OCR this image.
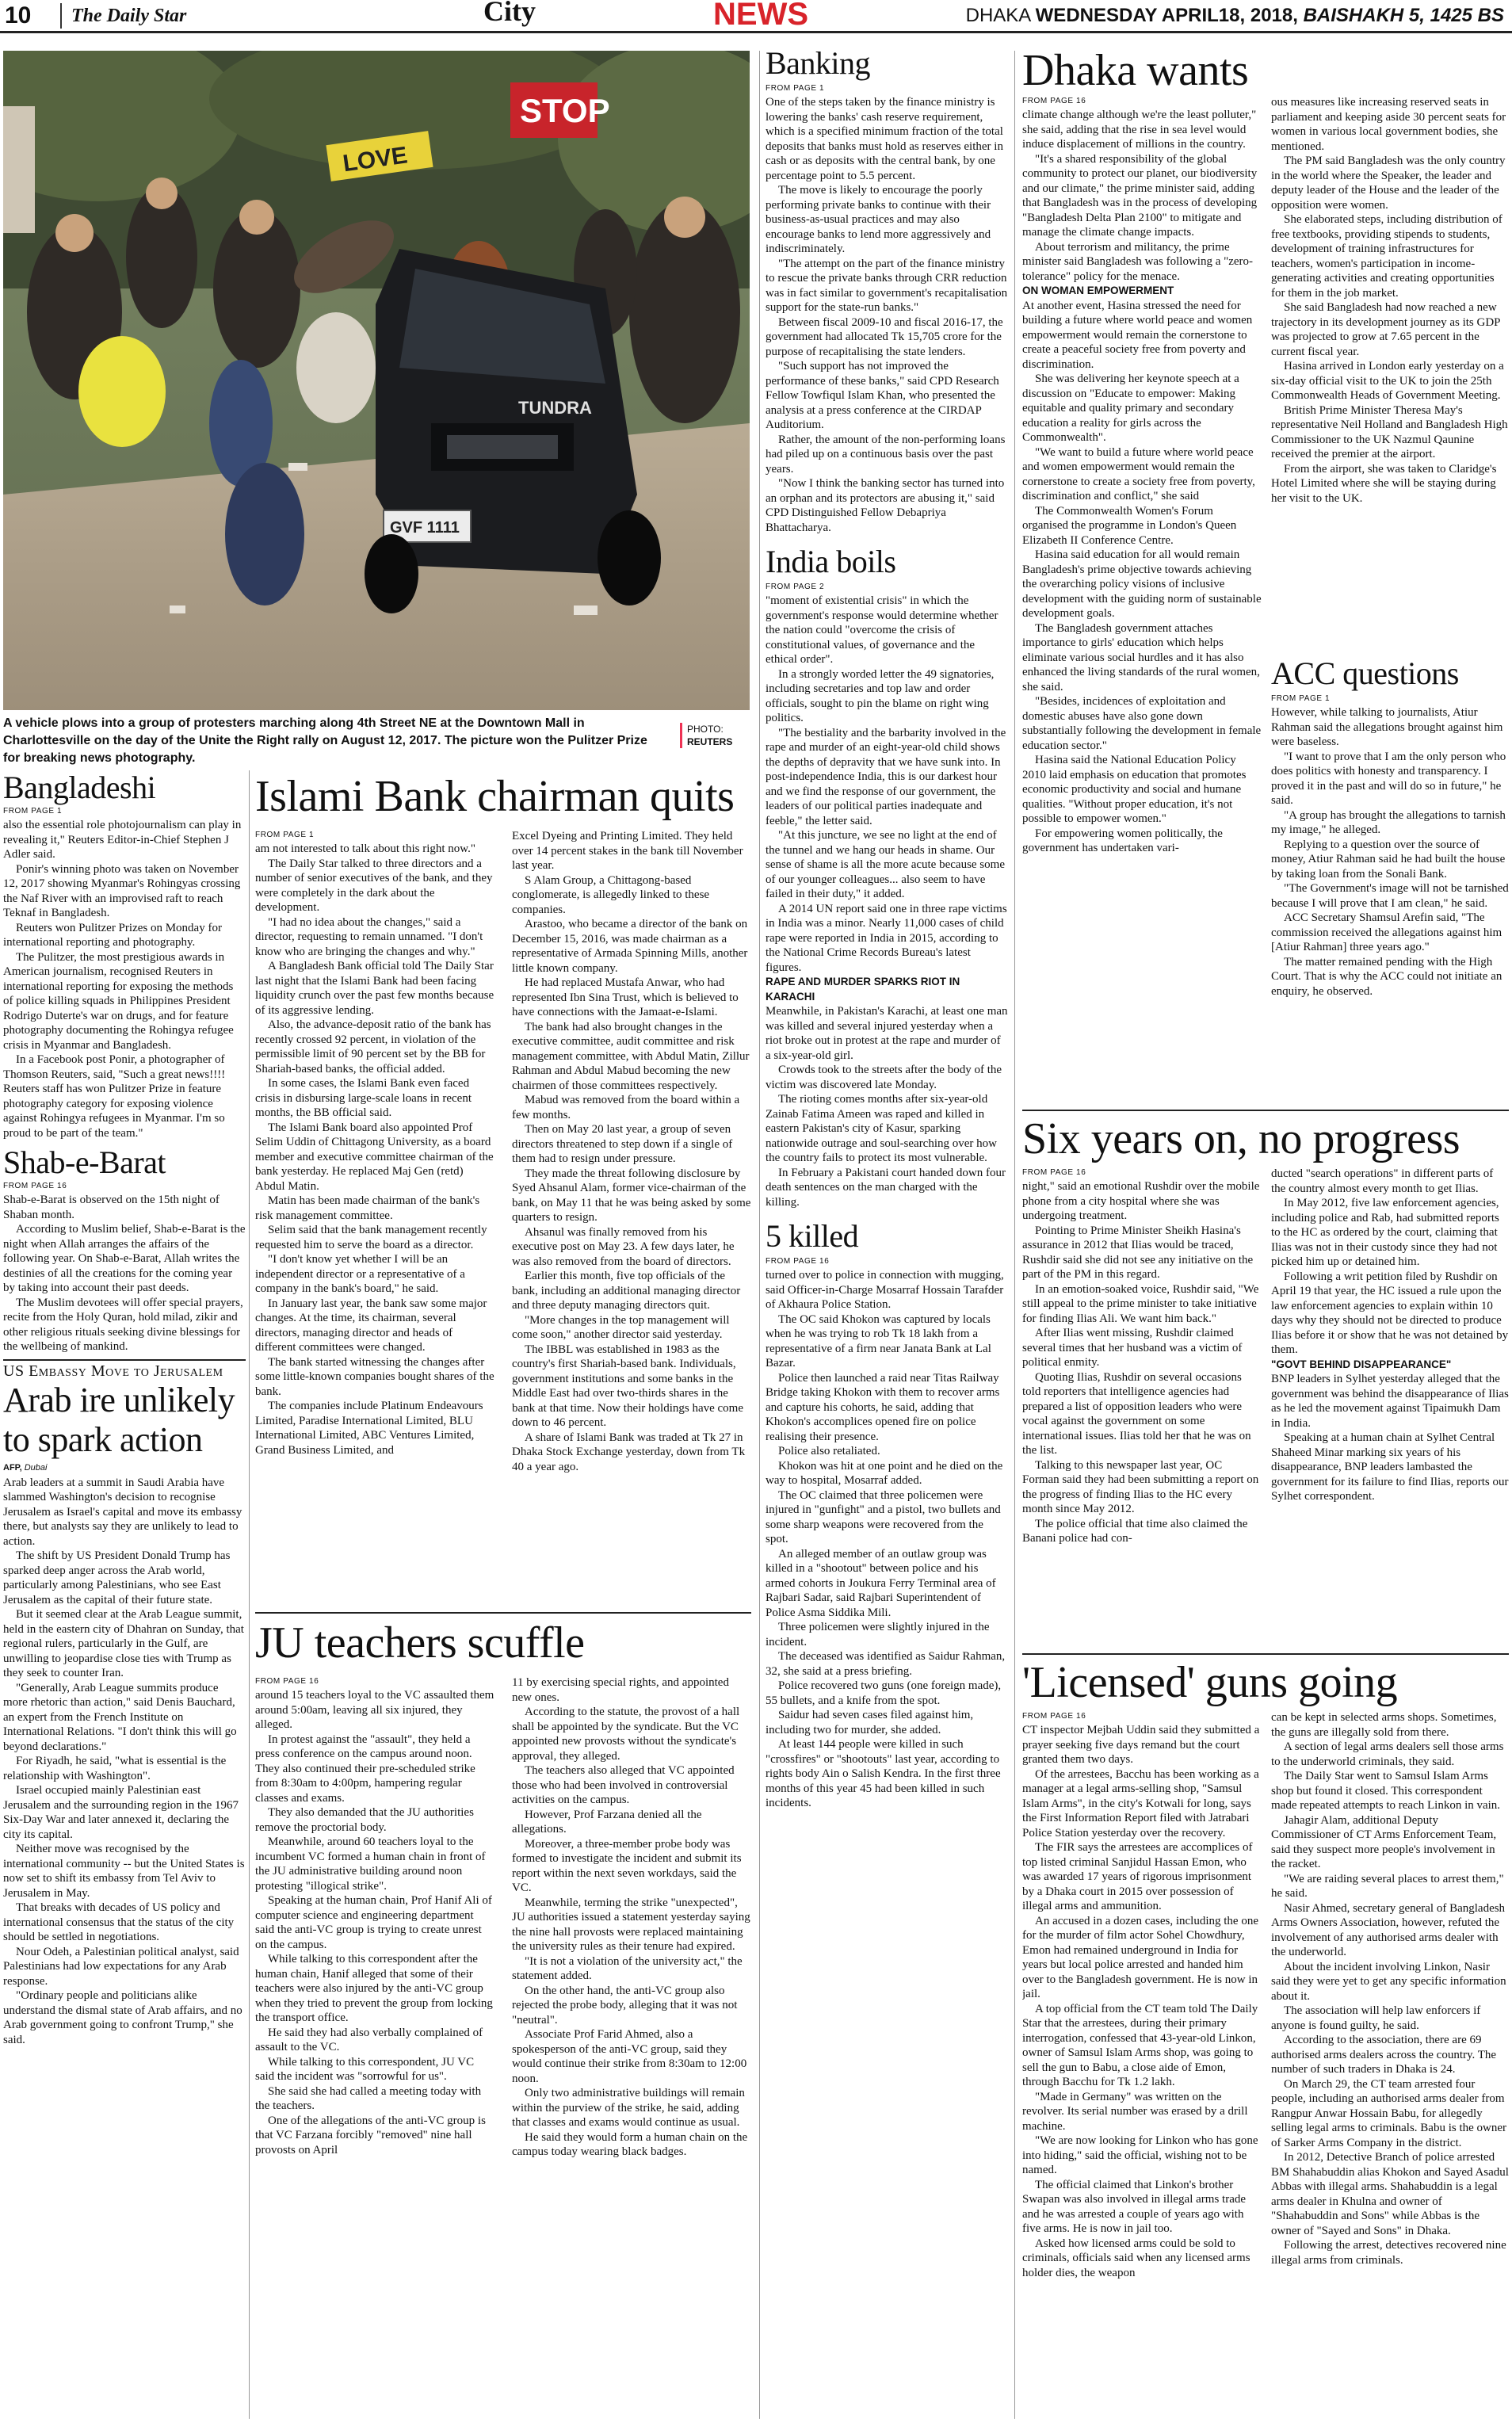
10	The Daily Star	City	NEWS	DHAKA WEDNESDAY APRIL18, 2018, BAISHAKH 5, 1425 BS
STOP
LOVE
GVF 1111
TUNDRA
A vehicle plows into a group of protesters marching along 4th Street NE at the Downtown Mall in Charlottesville on the day of the Unite the Right rally on August 12, 2017. The picture won the Pulitzer Prize for breaking news photography.
PHOTO:
REUTERS
Bangladeshi
FROM PAGE 1

also the essential role photojournalism can play in revealing it," Reuters Editor-in-Chief Stephen J Adler said.

Ponir's winning photo was taken on November 12, 2017 showing Myanmar's Rohingyas crossing the Naf River with an improvised raft to reach Teknaf in Bangladesh.

Reuters won Pulitzer Prizes on Monday for international reporting and photography.

The Pulitzer, the most prestigious awards in American journalism, recognised Reuters in international reporting for exposing the methods of police killing squads in Philippines President Rodrigo Duterte's war on drugs, and for feature photography documenting the Rohingya refugee crisis in Myanmar and Bangladesh.

In a Facebook post Ponir, a photographer of Thomson Reuters, said, "Such a great news!!!! Reuters staff has won Pulitzer Prize in feature photography category for exposing violence against Rohingya refugees in Myanmar. I'm so proud to be part of the team."

Shab-e-Barat
FROM PAGE 16

Shab-e-Barat is observed on the 15th night of Shaban month.

According to Muslim belief, Shab-e-Barat is the night when Allah arranges the affairs of the following year. On Shab-e-Barat, Allah writes the destinies of all the creations for the coming year by taking into account their past deeds.

The Muslim devotees will offer special prayers, recite from the Holy Quran, hold milad, zikir and other religious rituals seeking divine blessings for the wellbeing of mankind.

US Embassy Move to Jerusalem
Arab ire unlikely to spark action
AFP, Dubai

Arab leaders at a summit in Saudi Arabia have slammed Washington's decision to recognise Jerusalem as Israel's capital and move its embassy there, but analysts say they are unlikely to lead to action.

The shift by US President Donald Trump has sparked deep anger across the Arab world, particularly among Palestinians, who see East Jerusalem as the capital of their future state.

But it seemed clear at the Arab League summit, held in the eastern city of Dhahran on Sunday, that regional rulers, particularly in the Gulf, are unwilling to jeopardise close ties with Trump as they seek to counter Iran.

"Generally, Arab League summits produce more rhetoric than action," said Denis Bauchard, an expert from the French Institute on International Relations. "I don't think this will go beyond declarations."

For Riyadh, he said, "what is essential is the relationship with Washington".

Israel occupied mainly Palestinian east Jerusalem and the surrounding region in the 1967 Six-Day War and later annexed it, declaring the city its capital.

Neither move was recognised by the international community -- but the United States is now set to shift its embassy from Tel Aviv to Jerusalem in May.

That breaks with decades of US policy and international consensus that the status of the city should be settled in negotiations.

Nour Odeh, a Palestinian political analyst, said Palestinians had low expectations for any Arab response.

"Ordinary people and politicians alike understand the dismal state of Arab affairs, and no Arab government going to confront Trump," she said.

Islami Bank chairman quits
FROM PAGE 1

am not interested to talk about this right now."

The Daily Star talked to three directors and a number of senior executives of the bank, and they were completely in the dark about the development.

"I had no idea about the changes," said a director, requesting to remain unnamed. "I don't know who are bringing the changes and why."

A Bangladesh Bank official told The Daily Star last night that the Islami Bank had been facing liquidity crunch over the past few months because of its aggressive lending.

Also, the advance-deposit ratio of the bank has recently crossed 92 percent, in violation of the permissible limit of 90 percent set by the BB for Shariah-based banks, the official added.

In some cases, the Islami Bank even faced crisis in disbursing large-scale loans in recent months, the BB official said.

The Islami Bank board also appointed Prof Selim Uddin of Chittagong University, as a board member and executive committee chairman of the bank yesterday. He replaced Maj Gen (retd) Abdul Matin.

Matin has been made chairman of the bank's risk management committee.

Selim said that the bank management recently requested him to serve the board as a director.

"I don't know yet whether I will be an independent director or a representative of a company in the bank's board," he said.

In January last year, the bank saw some major changes. At the time, its chairman, several directors, managing director and heads of different committees were changed.

The bank started witnessing the changes after some little-known companies bought shares of the bank.

The companies include Platinum Endeavours Limited, Paradise International Limited, BLU International Limited, ABC Ventures Limited, Grand Business Limited, and

Excel Dyeing and Printing Limited. They held over 14 percent stakes in the bank till November last year.

S Alam Group, a Chittagong-based conglomerate, is allegedly linked to these companies.

Arastoo, who became a director of the bank on December 15, 2016, was made chairman as a representative of Armada Spinning Mills, another little known company.

He had replaced Mustafa Anwar, who had represented Ibn Sina Trust, which is believed to have connections with the Jamaat-e-Islami.

The bank had also brought changes in the executive committee, audit committee and risk management committee, with Abdul Matin, Zillur Rahman and Abdul Mabud becoming the new chairmen of those committees respectively.

Mabud was removed from the board within a few months.

Then on May 20 last year, a group of seven directors threatened to step down if a single of them had to resign under pressure.

They made the threat following disclosure by Syed Ahsanul Alam, former vice-chairman of the bank, on May 11 that he was being asked by some quarters to resign.

Ahsanul was finally removed from his executive post on May 23. A few days later, he was also removed from the board of directors.

Earlier this month, five top officials of the bank, including an additional managing director and three deputy managing directors quit.

"More changes in the top management will come soon," another director said yesterday.

The IBBL was established in 1983 as the country's first Shariah-based bank. Individuals, government institutions and some banks in the Middle East had over two-thirds shares in the bank at that time. Now their holdings have come down to 46 percent.

A share of Islami Bank was traded at Tk 27 in Dhaka Stock Exchange yesterday, down from Tk 40 a year ago.

JU teachers scuffle
FROM PAGE 16

around 15 teachers loyal to the VC assaulted them around 5:00am, leaving all six injured, they alleged.

In protest against the "assault", they held a press conference on the campus around noon. They also continued their pre-scheduled strike from 8:30am to 4:00pm, hampering regular classes and exams.

They also demanded that the JU authorities remove the proctorial body.

Meanwhile, around 60 teachers loyal to the incumbent VC formed a human chain in front of the JU administrative building around noon protesting "illogical strike".

Speaking at the human chain, Prof Hanif Ali of computer science and engineering department said the anti-VC group is trying to create unrest on the campus.

While talking to this correspondent after the human chain, Hanif alleged that some of their teachers were also injured by the anti-VC group when they tried to prevent the group from locking the transport office.

He said they had also verbally complained of assault to the VC.

While talking to this correspondent, JU VC said the incident was "sorrowful for us".

She said she had called a meeting today with the teachers.

One of the allegations of the anti-VC group is that VC Farzana forcibly "removed" nine hall provosts on April

11 by exercising special rights, and appointed new ones.

According to the statute, the provost of a hall shall be appointed by the syndicate. But the VC appointed new provosts without the syndicate's approval, they alleged.

The teachers also alleged that VC appointed those who had been involved in controversial activities on the campus.

However, Prof Farzana denied all the allegations.

Moreover, a three-member probe body was formed to investigate the incident and submit its report within the next seven workdays, said the VC.

Meanwhile, terming the strike "unexpected", JU authorities issued a statement yesterday saying the nine hall provosts were replaced maintaining the university rules as their tenure had expired.

"It is not a violation of the university act," the statement added.

On the other hand, the anti-VC group also rejected the probe body, alleging that it was not "neutral".

Associate Prof Farid Ahmed, also a spokesperson of the anti-VC group, said they would continue their strike from 8:30am to 12:00 noon.

Only two administrative buildings will remain within the purview of the strike, he said, adding that classes and exams would continue as usual.

He said they would form a human chain on the campus today wearing black badges.

Banking
FROM PAGE 1

One of the steps taken by the finance ministry is lowering the banks' cash reserve requirement, which is a specified minimum fraction of the total deposits that banks must hold as reserves either in cash or as deposits with the central bank, by one percentage point to 5.5 percent.

The move is likely to encourage the poorly performing private banks to continue with their business-as-usual practices and may also encourage banks to lend more aggressively and indiscriminately.

"The attempt on the part of the finance ministry to rescue the private banks through CRR reduction was in fact similar to government's recapitalisation support for the state-run banks."

Between fiscal 2009-10 and fiscal 2016-17, the government had allocated Tk 15,705 crore for the purpose of recapitalising the state lenders.

"Such support has not improved the performance of these banks," said CPD Research Fellow Towfiqul Islam Khan, who presented the analysis at a press conference at the CIRDAP Auditorium.

Rather, the amount of the non-performing loans had piled up on a continuous basis over the past years.

"Now I think the banking sector has turned into an orphan and its protectors are abusing it," said CPD Distinguished Fellow Debapriya Bhattacharya.

India boils
FROM PAGE 2

"moment of existential crisis" in which the government's response would determine whether the nation could "overcome the crisis of constitutional values, of governance and the ethical order".

In a strongly worded letter the 49 signatories, including secretaries and top law and order officials, sought to pin the blame on right wing politics.

"The bestiality and the barbarity involved in the rape and murder of an eight-year-old child shows the depths of depravity that we have sunk into. In post-independence India, this is our darkest hour and we find the response of our government, the leaders of our political parties inadequate and feeble," the letter said.

"At this juncture, we see no light at the end of the tunnel and we hang our heads in shame. Our sense of shame is all the more acute because some of our younger colleagues... also seem to have failed in their duty," it added.

A 2014 UN report said one in three rape victims in India was a minor. Nearly 11,000 cases of child rape were reported in India in 2015, according to the National Crime Records Bureau's latest figures.

RAPE AND MURDER SPARKS RIOT IN KARACHI

Meanwhile, in Pakistan's Karachi, at least one man was killed and several injured yesterday when a riot broke out in protest at the rape and murder of a six-year-old girl.

Crowds took to the streets after the body of the victim was discovered late Monday.

The rioting comes months after six-year-old Zainab Fatima Ameen was raped and killed in eastern Pakistan's city of Kasur, sparking nationwide outrage and soul-searching over how the country fails to protect its most vulnerable.

In February a Pakistani court handed down four death sentences on the man charged with the killing.

5 killed
FROM PAGE 16

turned over to police in connection with mugging, said Officer-in-Charge Mosarraf Hossain Tarafder of Akhaura Police Station.

The OC said Khokon was captured by locals when he was trying to rob Tk 18 lakh from a representative of a firm near Janata Bank at Lal Bazar.

Police then launched a raid near Titas Railway Bridge taking Khokon with them to recover arms and capture his cohorts, he said, adding that Khokon's accomplices opened fire on police realising their presence.

Police also retaliated.

Khokon was hit at one point and he died on the way to hospital, Mosarraf added.

The OC claimed that three policemen were injured in "gunfight" and a pistol, two bullets and some sharp weapons were recovered from the spot.

An alleged member of an outlaw group was killed in a "shootout" between police and his armed cohorts in Joukura Ferry Terminal area of Rajbari Sadar, said Rajbari Superintendent of Police Asma Siddika Mili.

Three policemen were slightly injured in the incident.

The deceased was identified as Saidur Rahman, 32, she said at a press briefing.

Police recovered two guns (one foreign made), 55 bullets, and a knife from the spot.

Saidur had seven cases filed against him, including two for murder, she added.

At least 144 people were killed in such "crossfires" or "shootouts" last year, according to rights body Ain o Salish Kendra. In the first three months of this year 45 had been killed in such incidents.

Dhaka wants
FROM PAGE 16

climate change although we're the least polluter," she said, adding that the rise in sea level would induce displacement of millions in the country.

"It's a shared responsibility of the global community to protect our planet, our biodiversity and our climate," the prime minister said, adding that Bangladesh was in the process of developing "Bangladesh Delta Plan 2100" to mitigate and manage the climate change impacts.

About terrorism and militancy, the prime minister said Bangladesh was following a "zero-tolerance" policy for the menace.

ON WOMAN EMPOWERMENT

At another event, Hasina stressed the need for building a future where world peace and women empowerment would remain the cornerstone to create a peaceful society free from poverty and discrimination.

She was delivering her keynote speech at a discussion on "Educate to empower: Making equitable and quality primary and secondary education a reality for girls across the Commonwealth".

"We want to build a future where world peace and women empowerment would remain the cornerstone to create a society free from poverty, discrimination and conflict," she said

The Commonwealth Women's Forum organised the programme in London's Queen Elizabeth II Conference Centre.

Hasina said education for all would remain Bangladesh's prime objective towards achieving the overarching policy visions of inclusive development with the guiding norm of sustainable development goals.

The Bangladesh government attaches importance to girls' education which helps eliminate various social hurdles and it has also enhanced the living standards of the rural women, she said.

"Besides, incidences of exploitation and domestic abuses have also gone down substantially following the development in female education sector."

Hasina said the National Education Policy 2010 laid emphasis on education that promotes economic productivity and social and humane qualities. "Without proper education, it's not possible to empower women."

For empowering women politically, the government has undertaken vari-

ous measures like increasing reserved seats in parliament and keeping aside 30 percent seats for women in various local government bodies, she mentioned.

The PM said Bangladesh was the only country in the world where the Speaker, the leader and deputy leader of the House and the leader of the opposition were women.

She elaborated steps, including distribution of free textbooks, providing stipends to students, development of training infrastructures for teachers, women's participation in income-generating activities and creating opportunities for them in the job market.

She said Bangladesh had now reached a new trajectory in its development journey as its GDP was projected to grow at 7.65 percent in the current fiscal year.

Hasina arrived in London early yesterday on a six-day official visit to the UK to join the 25th Commonwealth Heads of Government Meeting.

British Prime Minister Theresa May's representative Neil Holland and Bangladesh High Commissioner to the UK Nazmul Qaunine received the premier at the airport.

From the airport, she was taken to Claridge's Hotel Limited where she will be staying during her visit to the UK.

ACC questions
FROM PAGE 1

However, while talking to journalists, Atiur Rahman said the allegations brought against him were baseless.

"I want to prove that I am the only person who does politics with honesty and transparency. I proved it in the past and will do so in future," he said.

"A group has brought the allegations to tarnish my image," he alleged.

Replying to a question over the source of money, Atiur Rahman said he had built the house by taking loan from the Sonali Bank.

"The Government's image will not be tarnished because I will prove that I am clean," he said.

ACC Secretary Shamsul Arefin said, "The commission received the allegations against him [Atiur Rahman] three years ago."

The matter remained pending with the High Court. That is why the ACC could not initiate an enquiry, he observed.

Six years on, no progress
FROM PAGE 16

night," said an emotional Rushdir over the mobile phone from a city hospital where she was undergoing treatment.

Pointing to Prime Minister Sheikh Hasina's assurance in 2012 that Ilias would be traced, Rushdir said she did not see any initiative on the part of the PM in this regard.

In an emotion-soaked voice, Rushdir said, "We still appeal to the prime minister to take initiative for finding Ilias Ali. We want him back."

After Ilias went missing, Rushdir claimed several times that her husband was a victim of political enmity.

Quoting Ilias, Rushdir on several occasions told reporters that intelligence agencies had prepared a list of opposition leaders who were vocal against the government on some international issues. Ilias told her that he was on the list.

Talking to this newspaper last year, OC Forman said they had been submitting a report on the progress of finding Ilias to the HC every month since May 2012.

The police official that time also claimed the Banani police had con-

ducted "search operations" in different parts of the country almost every month to get Ilias.

In May 2012, five law enforcement agencies, including police and Rab, had submitted reports to the HC as ordered by the court, claiming that Ilias was not in their custody since they had not picked him up or detained him.

Following a writ petition filed by Rushdir on April 19 that year, the HC issued a rule upon the law enforcement agencies to explain within 10 days why they should not be directed to produce Ilias before it or show that he was not detained by them.

"GOVT BEHIND DISAPPEARANCE"

BNP leaders in Sylhet yesterday alleged that the government was behind the disappearance of Ilias as he led the movement against Tipaimukh Dam in India.

Speaking at a human chain at Sylhet Central Shaheed Minar marking six years of his disappearance, BNP leaders lambasted the government for its failure to find Ilias, reports our Sylhet correspondent.

'Licensed' guns going
FROM PAGE 16

CT inspector Mejbah Uddin said they submitted a prayer seeking five days remand but the court granted them two days.

Of the arrestees, Bacchu has been working as a manager at a legal arms-selling shop, "Samsul Islam Arms", in the city's Kotwali for long, says the First Information Report filed with Jatrabari Police Station yesterday over the recovery.

The FIR says the arrestees are accomplices of top listed criminal Sanjidul Hassan Emon, who was awarded 17 years of rigorous imprisonment by a Dhaka court in 2015 over possession of illegal arms and ammunition.

An accused in a dozen cases, including the one for the murder of film actor Sohel Chowdhury, Emon had remained underground in India for years but local police arrested and handed him over to the Bangladesh government. He is now in jail.

A top official from the CT team told The Daily Star that the arrestees, during their primary interrogation, confessed that 43-year-old Linkon, owner of Samsul Islam Arms shop, was going to sell the gun to Babu, a close aide of Emon, through Bacchu for Tk 1.2 lakh.

"Made in Germany" was written on the revolver. Its serial number was erased by a drill machine.

"We are now looking for Linkon who has gone into hiding," said the official, wishing not to be named.

The official claimed that Linkon's brother Swapan was also involved in illegal arms trade and he was arrested a couple of years ago with five arms. He is now in jail too.

Asked how licensed arms could be sold to criminals, officials said when any licensed arms holder dies, the weapon

can be kept in selected arms shops. Sometimes, the guns are illegally sold from there.

A section of legal arms dealers sell those arms to the underworld criminals, they said.

The Daily Star went to Samsul Islam Arms shop but found it closed. This correspondent made repeated attempts to reach Linkon in vain.

Jahagir Alam, additional Deputy Commissioner of CT Arms Enforcement Team, said they suspect more people's involvement in the racket.

"We are raiding several places to arrest them," he said.

Nasir Ahmed, secretary general of Bangladesh Arms Owners Association, however, refuted the involvement of any authorised arms dealer with the underworld.

About the incident involving Linkon, Nasir said they were yet to get any specific information about it.

The association will help law enforcers if anyone is found guilty, he said.

According to the association, there are 69 authorised arms dealers across the country. The number of such traders in Dhaka is 24.

On March 29, the CT team arrested four people, including an authorised arms dealer from Rangpur Anwar Hossain Babu, for allegedly selling legal arms to criminals. Babu is the owner of Sarker Arms Company in the district.

In 2012, Detective Branch of police arrested BM Shahabuddin alias Khokon and Sayed Asadul Abbas with illegal arms. Shahabuddin is a legal arms dealer in Khulna and owner of "Shahabuddin and Sons" while Abbas is the owner of "Sayed and Sons" in Dhaka.

Following the arrest, detectives recovered nine illegal arms from criminals.
